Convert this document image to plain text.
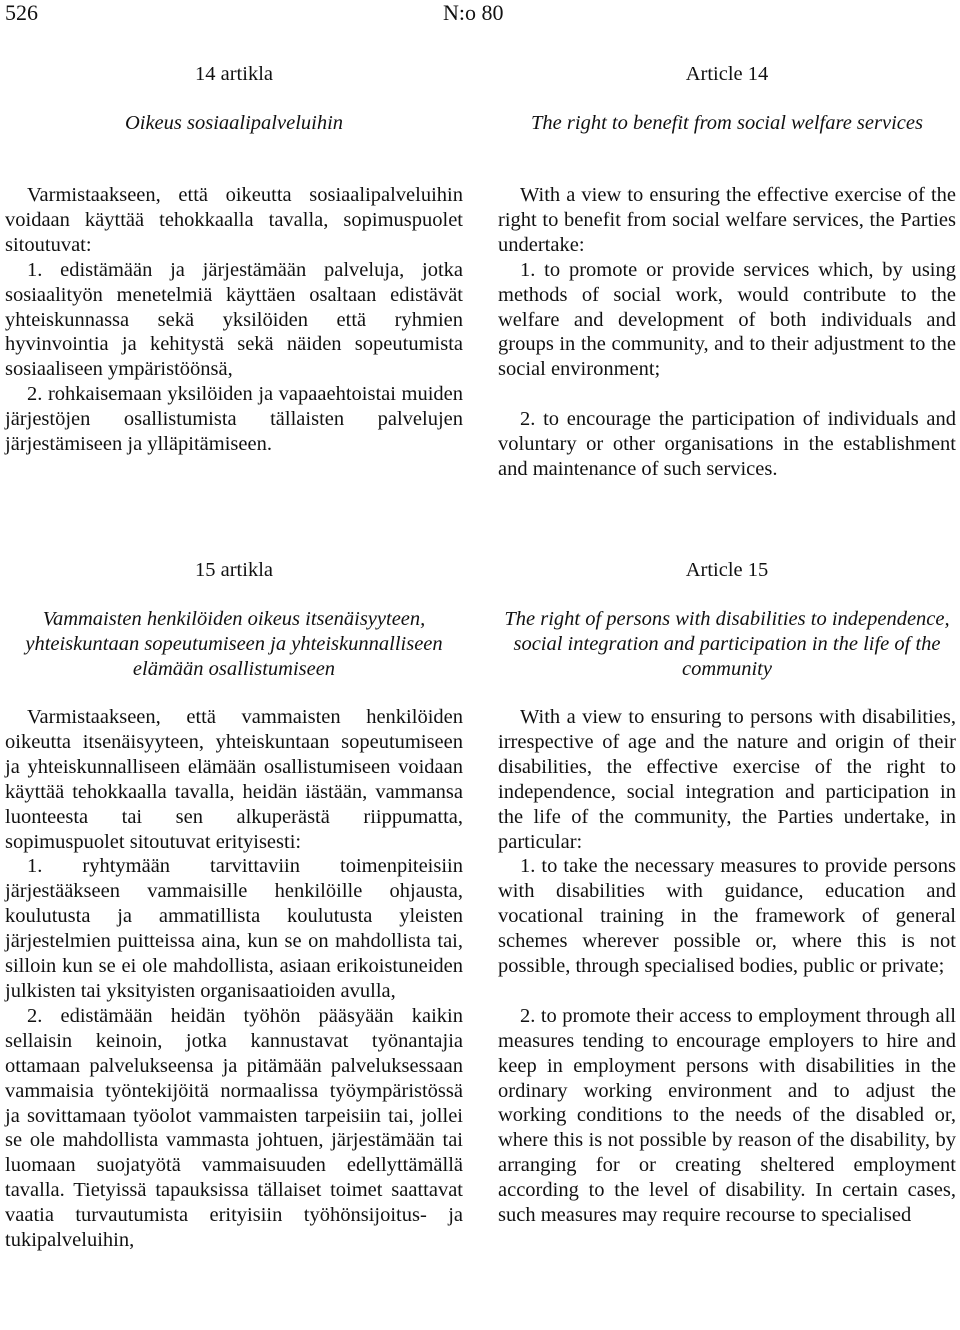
526	N:o 80

14 artikla

Oikeus sosiaalipalveluihin

Varmistaakseen, että oikeutta sosiaalipalveluihin voidaan käyttää tehokkaalla tavalla, sopimuspuolet sitoutuvat:

1. edistämään ja järjestämään palveluja, jotka sosiaalityön menetelmiä käyttäen osaltaan edistävät yhteiskunnassa sekä yksilöiden että ryhmien hyvinvointia ja kehitystä sekä näiden sopeutumista sosiaaliseen ympäristöönsä,

2. rohkaisemaan yksilöiden ja vapaaehtoistai muiden järjestöjen osallistumista tällaisten palvelujen järjestämiseen ja ylläpitämiseen.

Article 14

The right to benefit from social welfare services

With a view to ensuring the effective exercise of the right to benefit from social welfare services, the Parties undertake:

1. to promote or provide services which, by using methods of social work, would contribute to the welfare and development of both individuals and groups in the community, and to their adjustment to the social environment;

2. to encourage the participation of individuals and voluntary or other organisations in the establishment and maintenance of such services.

15 artikla

Vammaisten henkilöiden oikeus itsenäisyyteen, yhteiskuntaan sopeutumiseen ja yhteiskunnalliseen elämään osallistumiseen

Varmistaakseen, että vammaisten henkilöiden oikeutta itsenäisyyteen, yhteiskuntaan sopeutumiseen ja yhteiskunnalliseen elämään osallistumiseen voidaan käyttää tehokkaalla tavalla, heidän iästään, vammansa luonteesta tai sen alkuperästä riippumatta, sopimuspuolet sitoutuvat erityisesti:

1. ryhtymään tarvittaviin toimenpiteisiin järjestääkseen vammaisille henkilöille ohjausta, koulutusta ja ammatillista koulutusta yleisten järjestelmien puitteissa aina, kun se on mahdollista tai, silloin kun se ei ole mahdollista, asiaan erikoistuneiden julkisten tai yksityisten organisaatioiden avulla,

2. edistämään heidän työhön pääsyään kaikin sellaisin keinoin, jotka kannustavat työnantajia ottamaan palvelukseensa ja pitämään palveluksessaan vammaisia työntekijöitä normaalissa työympäristössä ja sovittamaan työolot vammaisten tarpeisiin tai, jollei se ole mahdollista vammasta johtuen, järjestämään tai luomaan suojatyötä vammaisuuden edellyttämällä tavalla. Tietyissä tapauksissa tällaiset toimet saattavat vaatia turvautumista erityisiin työhönsijoitus- ja tukipalveluihin,

Article 15

The right of persons with disabilities to independence, social integration and participation in the life of the community

With a view to ensuring to persons with disabilities, irrespective of age and the nature and origin of their disabilities, the effective exercise of the right to independence, social integration and participation in the life of the community, the Parties undertake, in particular:

1. to take the necessary measures to provide persons with disabilities with guidance, education and vocational training in the framework of general schemes wherever possible or, where this is not possible, through specialised bodies, public or private;

2. to promote their access to employment through all measures tending to encourage employers to hire and keep in employment persons with disabilities in the ordinary working environment and to adjust the working conditions to the needs of the disabled or, where this is not possible by reason of the disability, by arranging for or creating sheltered employment according to the level of disability. In certain cases, such measures may require recourse to specialised
